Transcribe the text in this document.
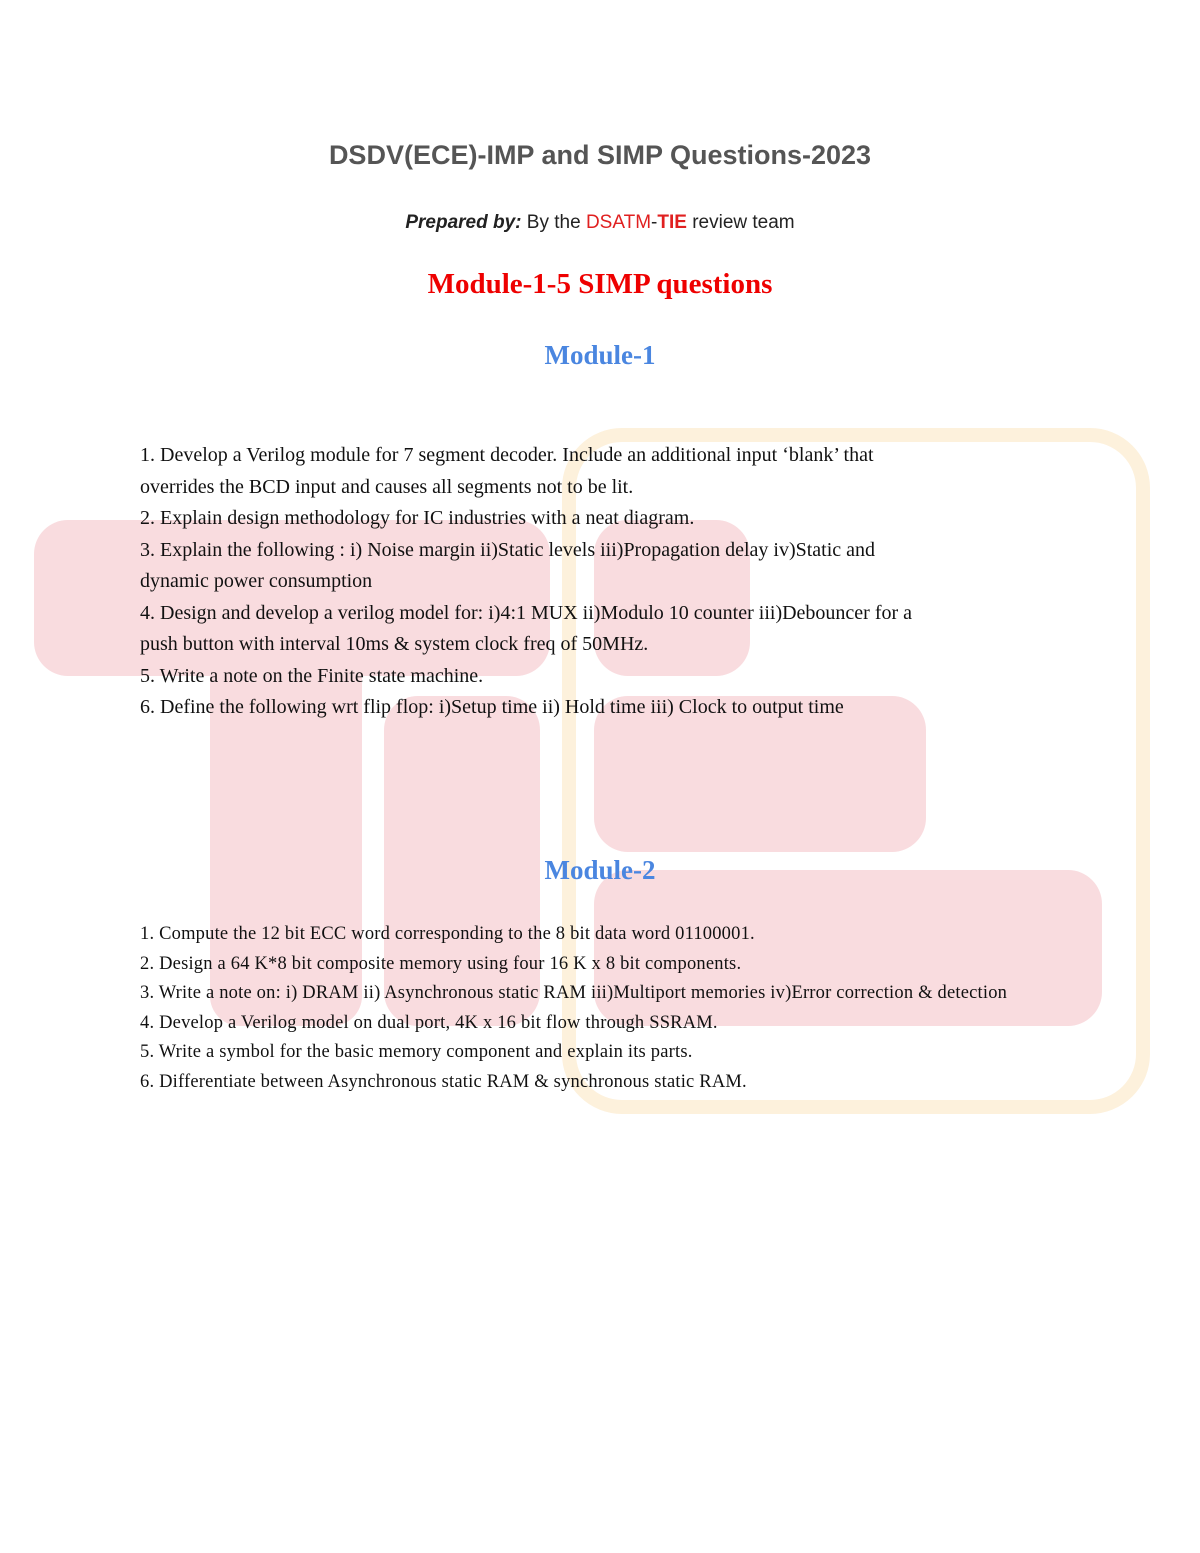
DSDV(ECE)-IMP and SIMP Questions-2023
Prepared by: By the DSATM-TIE review team
Module-1-5 SIMP questions
Module-1

1. Develop a Verilog module for 7 segment decoder. Include an additional input ‘blank’ that overrides the BCD input and causes all segments not to be lit.

2. Explain design methodology for IC industries with a neat diagram.

3. Explain the following : i) Noise margin ii)Static levels iii)Propagation delay iv)Static and dynamic power consumption

4. Design and develop a verilog model for: i)4:1 MUX ii)Modulo 10 counter iii)Debouncer for a push button with interval 10ms & system clock freq of 50MHz.

5. Write a note on the Finite state machine.

6. Define the following wrt flip flop: i)Setup time ii) Hold time iii) Clock to output time

Module-2

1. Compute the 12 bit ECC word corresponding to the 8 bit data word 01100001.

2. Design a 64 K*8 bit composite memory using four 16 K x 8 bit components.

3. Write a note on: i) DRAM ii) Asynchronous static RAM iii)Multiport memories iv)Error correction & detection

4. Develop a Verilog model on dual port, 4K x 16 bit flow through SSRAM.

5. Write a symbol for the basic memory component and explain its parts.

6. Differentiate between Asynchronous static RAM & synchronous static RAM.
